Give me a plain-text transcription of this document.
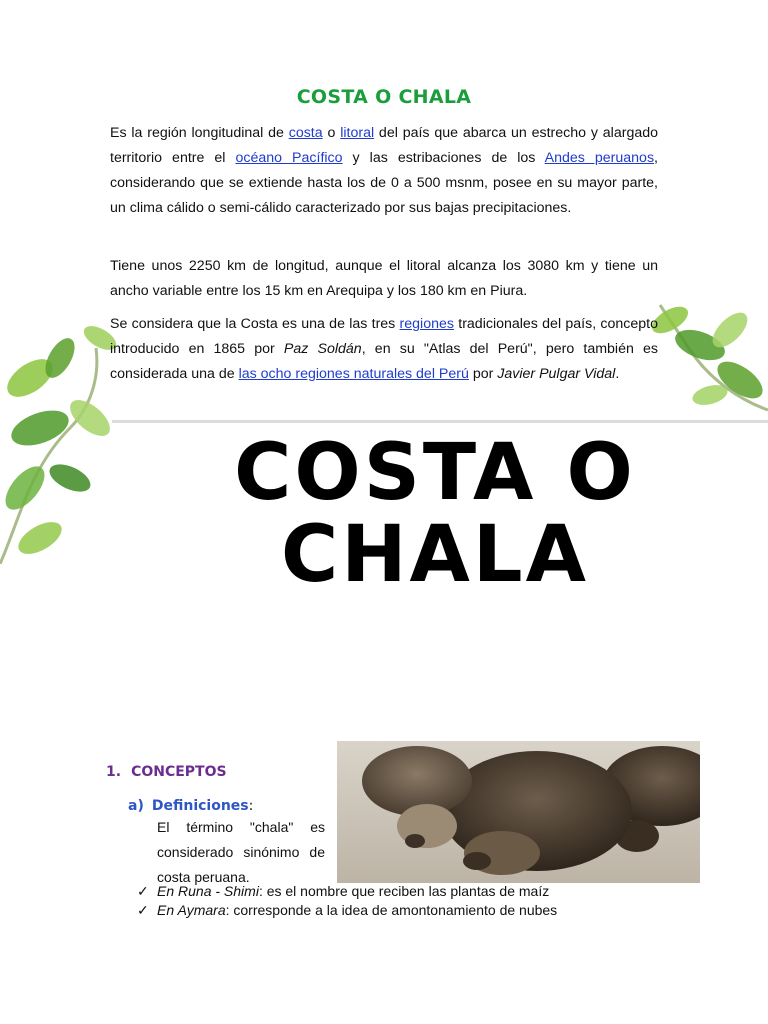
COSTA O CHALA

Es la región longitudinal de costa o litoral del país que abarca un estrecho y alargado territorio entre el océano Pacífico y las estribaciones de los Andes peruanos, considerando que se extiende hasta los de 0 a 500 msnm, posee en su mayor parte, un clima cálido o semi-cálido caracterizado por sus bajas precipitaciones.

Tiene unos 2250 km de longitud, aunque el litoral alcanza los 3080 km y tiene un ancho variable entre los 15 km en Arequipa y los 180 km en Piura.

Se considera que la Costa es una de las tres regiones tradicionales del país, concepto introducido en 1865 por Paz Soldán, en su "Atlas del Perú", pero también es considerada una de las ocho regiones naturales del Perú por Javier Pulgar Vidal.

COSTA O
CHALA
1. CONCEPTOS
a) Definiciones:

El término "chala" es considerado sinónimo de costa peruana.

✓ En Runa - Shimi: es el nombre que reciben las plantas de maíz
✓ En Aymara: corresponde a la idea de amontonamiento de nubes
